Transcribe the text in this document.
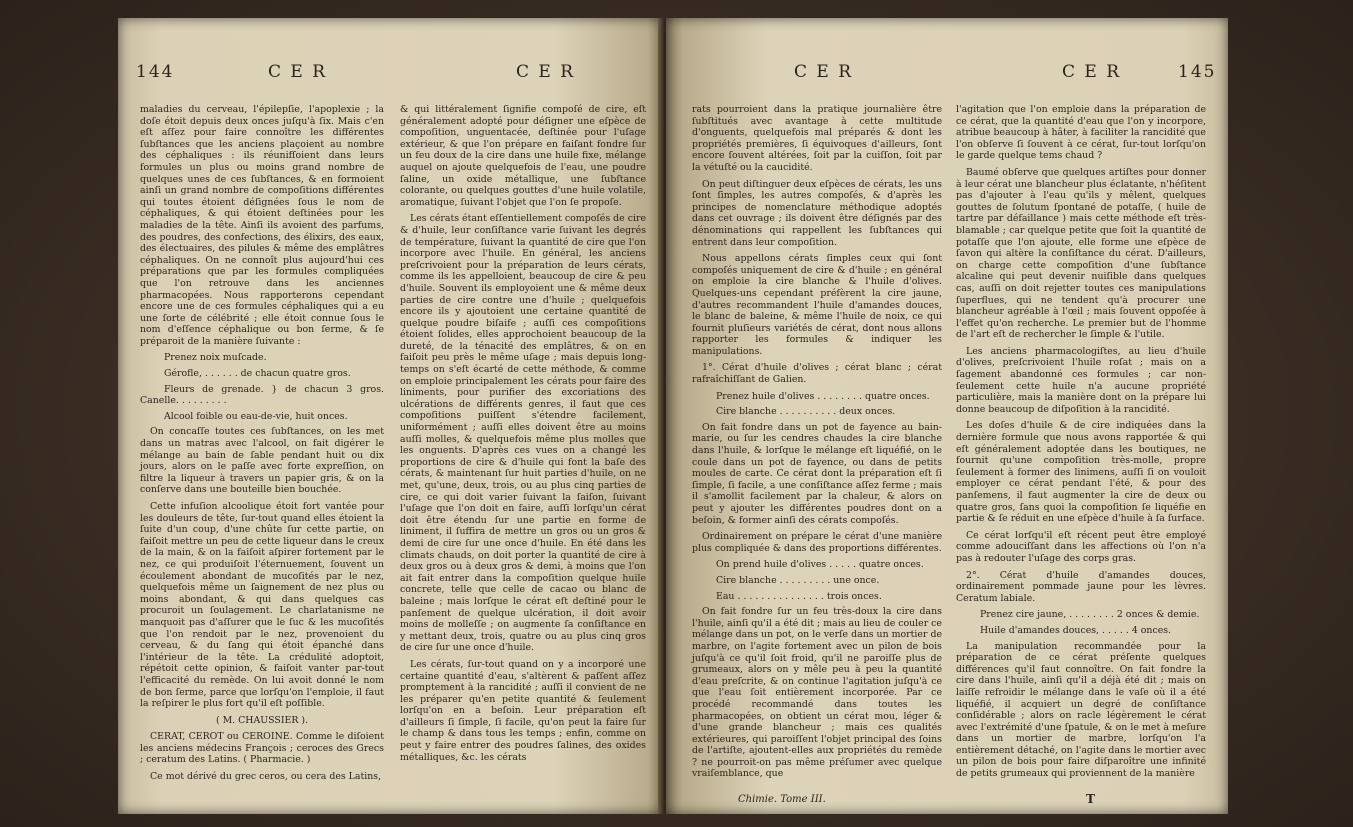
144	C E R	C E R

maladies du cerveau, l'épilepſie, l'apoplexie ; la doſe étoit depuis deux onces juſqu'à ſix. Mais c'en eſt aſſez pour faire connoître les différentes ſubſtances que les anciens plaçoient au nombre des céphaliques : ils réunifſoient dans leurs formules un plus ou moins grand nombre de quelques unes de ces ſubſtances, & en formoient ainſi un grand nombre de compoſitions différentes qui toutes étoient déſignées ſous le nom de céphaliques, & qui étoient deſtinées pour les maladies de la tête. Ainſi ils avoient des parfums, des poudres, des confections, des élixirs, des eaux, des électuaires, des pilules & même des emplâtres céphaliques. On ne connoît plus aujourd'hui ces préparations que par les formules compliquées que l'on retrouve dans les anciennes pharmacopées. Nous rapporterons cependant encore une de ces formules céphaliques qui a eu une ſorte de célébrité ; elle étoit connue ſous le nom d'eſſence céphalique ou bon ſerme, & ſe préparoit de la manière ſuivante :

Prenez noix muſcade.

Gérofle, . . . . . . de chacun quatre gros.

Fleurs de grenade. } de chacun 3 gros. Canelle. . . . . . . . .

Alcool foible ou eau-de-vie, huit onces.

On concaſſe toutes ces ſubſtances, on les met dans un matras avec l'alcool, on fait digérer le mélange au bain de ſable pendant huit ou dix jours, alors on le paſſe avec forte expreſſion, on filtre la liqueur à travers un papier gris, & on la conſerve dans une bouteille bien bouchée.

Cette infuſion alcoolique étoit fort vantée pour les douleurs de tête, ſur-tout quand elles étoient la ſuite d'un coup, d'une chûte ſur cette partie, on faiſoit mettre un peu de cette liqueur dans le creux de la main, & on la faiſoit aſpirer fortement par le nez, ce qui produiſoit l'éternuement, ſouvent un écoulement abondant de mucoſités par le nez, quelquefois même un ſaignement de nez plus ou moins abondant, & qui dans quelques cas procuroit un ſoulagement. Le charlatanisme ne manquoit pas d'aſſurer que le ſuc & les mucoſités que l'on rendoit par le nez, provenoient du cerveau, & du ſang qui étoit épanché dans l'intérieur de la tête. La crédulité adoptoit, répétoit cette opinion, & faiſoit vanter par-tout l'efficacité du remède. On lui avoit donné le nom de bon ſerme, parce que lorſqu'on l'emploie, il faut la reſpirer le plus fort qu'il eſt poſſible.

( M. CHAUSSIER ).

CERAT, CEROT ou CEROINE. Comme le diſoient les anciens médecins François ; ceroces des Grecs ; ceratum des Latins. ( Pharmacie. )

Ce mot dérivé du grec ceros, ou cera des Latins,

& qui littéralement ſignifie compoſé de cire, eſt généralement adopté pour déſigner une eſpèce de compoſition, unguentacée, deſtinée pour l'uſage extérieur, & que l'on prépare en faiſant fondre ſur un feu doux de la cire dans une huile fixe, mélange auquel on ajoute quelquefois de l'eau, une poudre ſaline, un oxide métallique, une ſubſtance colorante, ou quelques gouttes d'une huile volatile, aromatique, ſuivant l'objet que l'on ſe propoſe.

Les cérats étant eſſentiellement compoſés de cire & d'huile, leur conſiſtance varie ſuivant les degrés de température, ſuivant la quantité de cire que l'on incorpore avec l'huile. En général, les anciens preſcrivoient pour la préparation de leurs cérats, comme ils les appelloient, beaucoup de cire & peu d'huile. Souvent ils employoient une & même deux parties de cire contre une d'huile ; quelquefois encore ils y ajoutoient une certaine quantité de quelque poudre biſaife ; auſſi ces compoſitions étoient ſolides, elles approchoient beaucoup de la dureté, de la ténacité des emplâtres, & on en faiſoit peu près le même uſage ; mais depuis long-temps on s'eſt écarté de cette méthode, & comme on emploie principalement les cérats pour faire des liniments, pour purifier des excoriations des ulcérations de différents genres, il faut que ces compoſitions puiſſent s'étendre facilement, uniformément ; auſſi elles doivent être au moins auſſi molles, & quelquefois même plus molles que les onguents. D'après ces vues on a changé les proportions de cire & d'huile qui font la baſe des cérats, & maintenant ſur huit parties d'huile, on ne met, qu'une, deux, trois, ou au plus cinq parties de cire, ce qui doit varier ſuivant la ſaiſon, ſuivant l'uſage que l'on doit en faire, auſſi lorſqu'un cérat doit être étendu ſur une partie en forme de liniment, il ſuffira de mettre un gros ou un gros & demi de cire ſur une once d'huile. En été dans les climats chauds, on doit porter la quantité de cire à deux gros ou à deux gros & demi, à moins que l'on ait fait entrer dans la compoſition quelque huile concrete, telle que celle de cacao ou blanc de baleine ; mais lorſque le cérat eſt deſtiné pour le panſement de quelque ulcération, il doit avoir moins de molleſſe ; on augmente ſa conſiſtance en y mettant deux, trois, quatre ou au plus cinq gros de cire ſur une once d'huile.

Les cérats, ſur-tout quand on y a incorporé une certaine quantité d'eau, s'altèrent & paſſent aſſez promptement à la rancidité ; auſſi il convient de ne les préparer qu'en petite quantité & ſeulement lorſqu'on en a beſoin. Leur préparation eſt d'ailleurs ſi ſimple, ſi facile, qu'on peut la faire ſur le champ & dans tous les temps ; enfin, comme on peut y faire entrer des poudres ſalines, des oxides métalliques, &c. les cérats

C E R	C E R	145

rats pourroient dans la pratique journalière être ſubſtitués avec avantage à cette multitude d'onguents, quelquefois mal préparés & dont les propriétés premières, ſi équivoques d'ailleurs, ſont encore ſouvent altérées, ſoit par la cuiſſon, ſoit par la vétuſté ou la caucidité.

On peut diſtinguer deux eſpèces de cérats, les uns ſont ſimples, les autres compoſés, & d'après les principes de nomenclature méthodique adoptés dans cet ouvrage ; ils doivent être déſignés par des dénominations qui rappellent les ſubſtances qui entrent dans leur compoſition.

Nous appellons cérats ſimples ceux qui ſont compoſés uniquement de cire & d'huile ; en général on emploie la cire blanche & l'huile d'olives. Quelques-uns cependant préfèrent la cire jaune, d'autres recommandent l'huile d'amandes douces, le blanc de baleine, & même l'huile de noix, ce qui fournit pluſieurs variétés de cérat, dont nous allons rapporter les formules & indiquer les manipulations.

1°. Cérat d'huile d'olives ; cérat blanc ; cérat rafraîchiſſant de Galien.

Prenez huile d'olives . . . . . . . . quatre onces.

Cire blanche . . . . . . . . . . deux onces.

On fait fondre dans un pot de fayence au bain-marie, ou ſur les cendres chaudes la cire blanche dans l'huile, & lorſque le mélange eſt liquéfié, on le coule dans un pot de fayence, ou dans de petits moules de carte. Ce cérat dont la préparation eſt ſi ſimple, ſi facile, a une conſiſtance aſſez ferme ; mais il s'amollit facilement par la chaleur, & alors on peut y ajouter les différentes poudres dont on a beſoin, & former ainſi des cérats compoſés.

Ordinairement on prépare le cérat d'une manière plus compliquée & dans des proportions différentes.

On prend huile d'olives . . . . . quatre onces.

Cire blanche . . . . . . . . . une once.

Eau . . . . . . . . . . . . . . . trois onces.

On fait fondre ſur un feu très-doux la cire dans l'huile, ainſi qu'il a été dit ; mais au lieu de couler ce mélange dans un pot, on le verſe dans un mortier de marbre, on l'agite fortement avec un pilon de bois juſqu'à ce qu'il ſoit froid, qu'il ne paroiſſe plus de grumeaux, alors on y mêle peu à peu la quantité d'eau preſcrite, & on continue l'agitation juſqu'à ce que l'eau ſoit entièrement incorporée. Par ce procédé recommandé dans toutes les pharmacopées, on obtient un cérat mou, léger & d'une grande blancheur ; mais ces qualités extérieures, qui paroiſſent l'objet principal des ſoins de l'artiſte, ajoutent-elles aux propriétés du remède ? ne pourroit-on pas même préſumer avec quelque vraiſemblance, que

l'agitation que l'on emploie dans la préparation de ce cérat, que la quantité d'eau que l'on y incorpore, atribue beaucoup à hâter, à faciliter la rancidité que l'on obſerve ſi ſouvent à ce cérat, ſur-tout lorſqu'on le garde quelque tems chaud ?

Baumé obſerve que quelques artiſtes pour donner à leur cérat une blancheur plus éclatante, n'héſitent pas d'ajouter à l'eau qu'ils y mêlent, quelques gouttes de ſolutum ſpontané de potaſſe, ( huile de tartre par défaillance ) mais cette méthode eſt très-blamable ; car quelque petite que ſoit la quantité de potaſſe que l'on ajoute, elle forme une eſpèce de ſavon qui altère la conſiſtance du cérat. D'ailleurs, on charge cette compoſition d'une ſubſtance alcaline qui peut devenir nuiſible dans quelques cas, auſſi on doit rejetter toutes ces manipulations ſuperflues, qui ne tendent qu'à procurer une blancheur agréable à l'œil ; mais ſouvent oppoſée à l'effet qu'on recherche. Le premier but de l'homme de l'art eſt de rechercher le ſimple & l'utile.

Les anciens pharmacologiſtes, au lieu d'huile d'olives, preſcrivoient l'huile roſat ; mais on a ſagement abandonné ces formules ; car non-ſeulement cette huile n'a aucune propriété particulière, mais la manière dont on la prépare lui donne beaucoup de diſpoſition à la rancidité.

Les doſes d'huile & de cire indiquées dans la dernière formule que nous avons rapportée & qui eſt généralement adoptée dans les boutiques, ne fournit qu'une compoſition très-molle, propre ſeulement à former des linimens, auſſi ſi on vouloit employer ce cérat pendant l'été, & pour des panſemens, il faut augmenter la cire de deux ou quatre gros, ſans quoi la compoſition ſe liquéfie en partie & ſe réduit en une eſpèce d'huile à ſa ſurface.

Ce cérat lorſqu'il eſt récent peut être employé comme adouciſſant dans les affections où l'on n'a pas à redouter l'uſage des corps gras.

2°. Cérat d'huile d'amandes douces, ordinairement pommade jaune pour les lèvres. Ceratum labiale.

Prenez cire jaune, . . . . . . . . 2 onces & demie.

Huile d'amandes douces, . . . . . 4 onces.

La manipulation recommandée pour la préparation de ce cérat préſente quelques différences qu'il faut connoître. On fait fondre la cire dans l'huile, ainſi qu'il a déjà été dit ; mais on laiſſe refroidir le mélange dans le vaſe où il a été liquéfié, il acquiert un degré de conſiſtance conſidérable ; alors on racle légèrement le cérat avec l'extrémité d'une ſpatule, & on le met à meſure dans un mortier de marbre, lorſqu'on l'a entièrement détaché, on l'agite dans le mortier avec un pilon de bois pour faire diſparoître une infinité de petits grumeaux qui proviennent de la manière

Chimie. Tome III.	T
